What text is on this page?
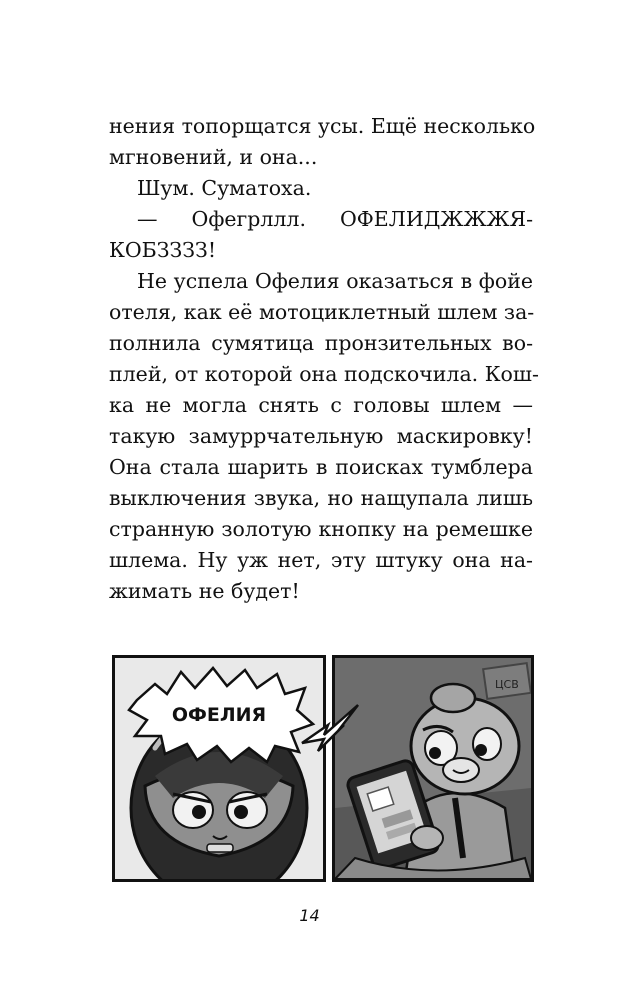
нения топорщатся усы. Ещё несколько
мгновений, и она...
Шум. Суматоха.
— Офегрллл. ОФЕЛИДЖЖЖЯ-
КОБЗЗЗЗ!
Не успела Офелия оказаться в фойе
отеля, как её мотоциклетный шлем за-
полнила сумятица пронзительных во-
плей, от которой она подскочила. Кош-
ка не могла снять с головы шлем —
такую замуррчательную маскировку!
Она стала шарить в поисках тумблера
выключения звука, но нащупала лишь
странную золотую кнопку на ремешке
шлема. Ну уж нет, эту штуку она на-
жимать не будет!
ОФЕЛИЯ
ЦСВ
14
